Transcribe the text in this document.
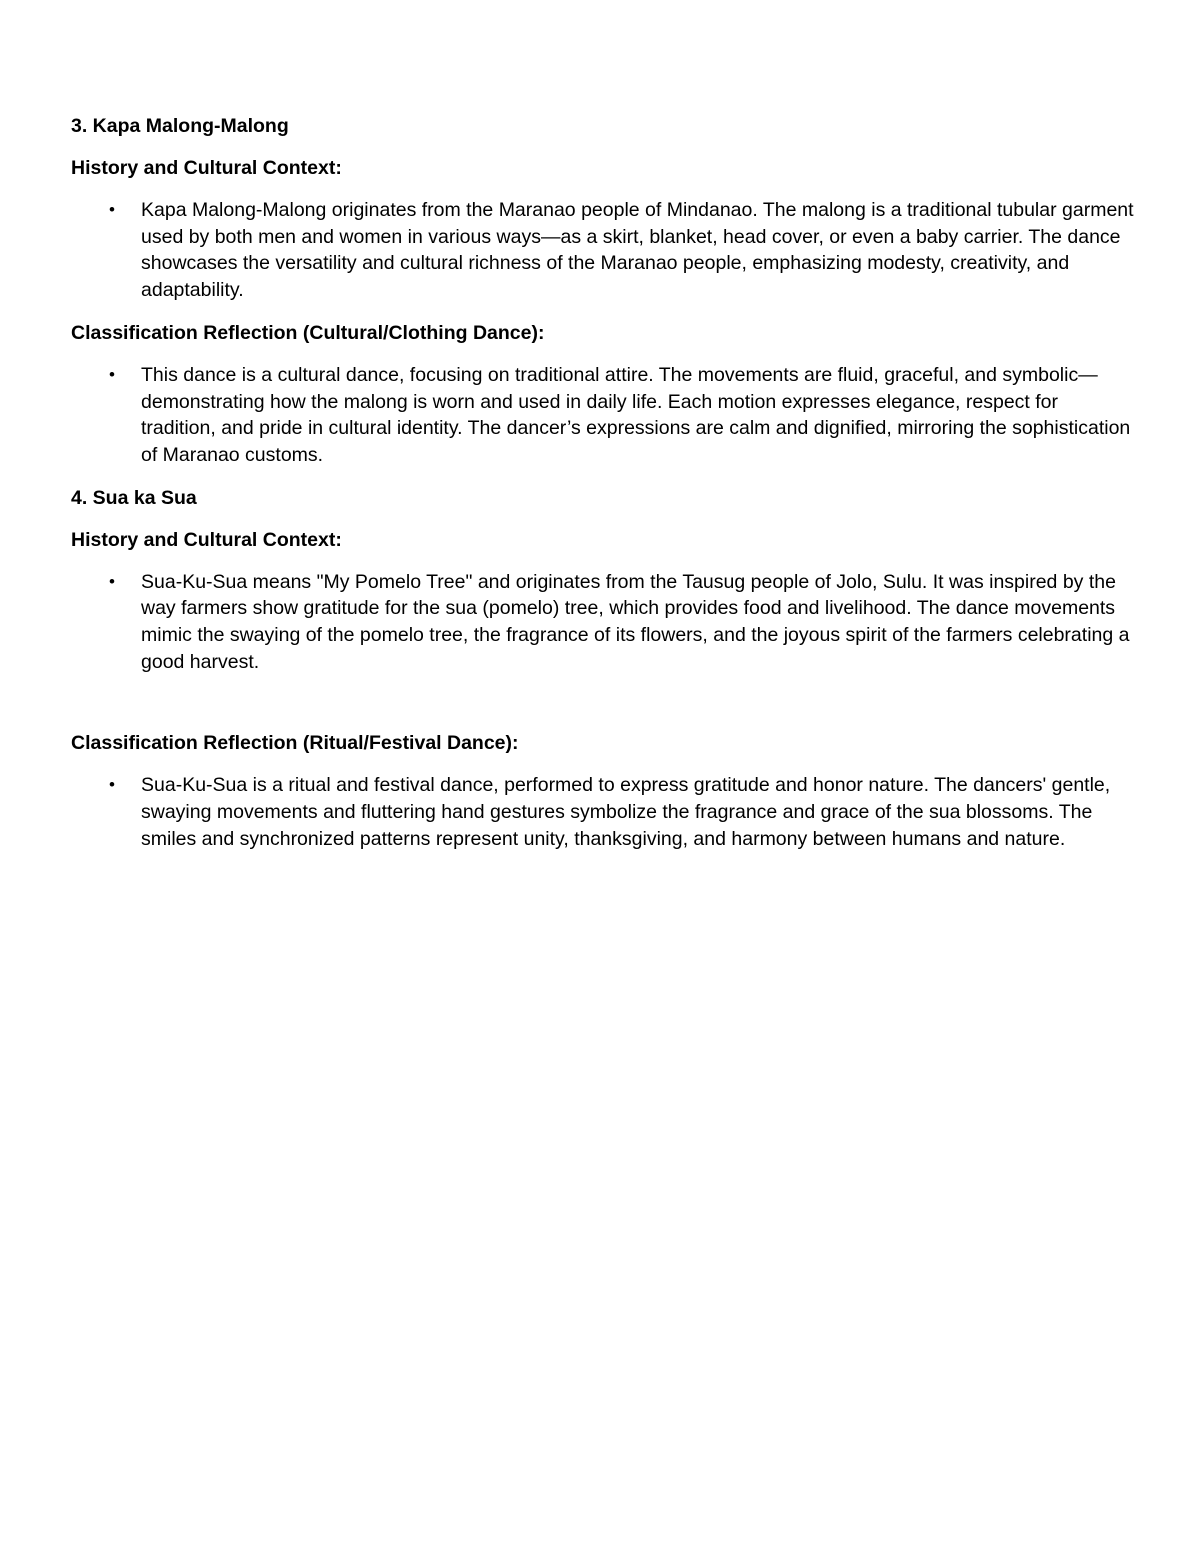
3. Kapa Malong-Malong

History and Cultural Context:

• Kapa Malong-Malong originates from the Maranao people of Mindanao. The malong is a traditional tubular garment used by both men and women in various ways—as a skirt, blanket, head cover, or even a baby carrier. The dance showcases the versatility and cultural richness of the Maranao people, emphasizing modesty, creativity, and adaptability.

Classification Reflection (Cultural/Clothing Dance):

• This dance is a cultural dance, focusing on traditional attire. The movements are fluid, graceful, and symbolic—demonstrating how the malong is worn and used in daily life. Each motion expresses elegance, respect for tradition, and pride in cultural identity. The dancer’s expressions are calm and dignified, mirroring the sophistication of Maranao customs.

4. Sua ka Sua

History and Cultural Context:

• Sua-Ku-Sua means "My Pomelo Tree" and originates from the Tausug people of Jolo, Sulu. It was inspired by the way farmers show gratitude for the sua (pomelo) tree, which provides food and livelihood. The dance movements mimic the swaying of the pomelo tree, the fragrance of its flowers, and the joyous spirit of the farmers celebrating a good harvest.

Classification Reflection (Ritual/Festival Dance):

• Sua-Ku-Sua is a ritual and festival dance, performed to express gratitude and honor nature. The dancers' gentle, swaying movements and fluttering hand gestures symbolize the fragrance and grace of the sua blossoms. The smiles and synchronized patterns represent unity, thanksgiving, and harmony between humans and nature.
